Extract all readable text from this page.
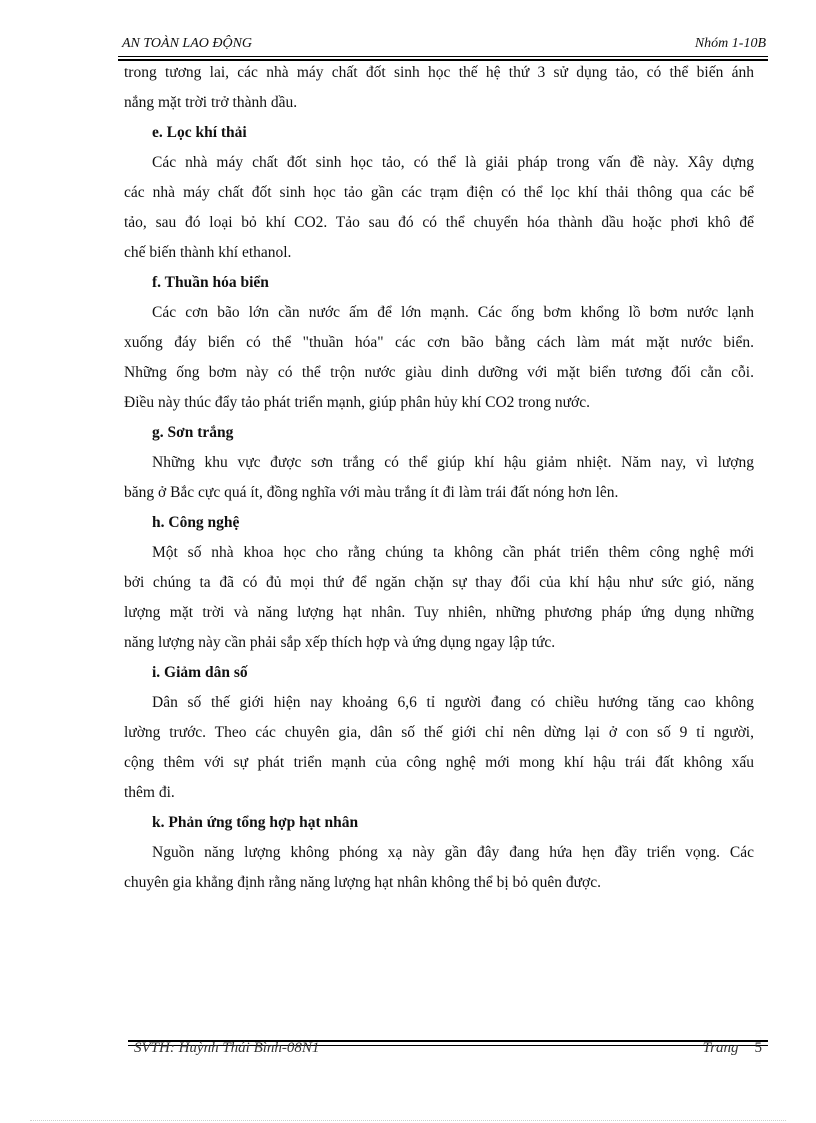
AN TOÀN LAO ĐỘNG	Nhóm 1-10B
trong tương lai, các nhà máy chất đốt sinh học thế hệ thứ 3 sử dụng tảo, có thể biến ánh
nắng mặt trời trở thành dầu.
e. Lọc khí thải
Các nhà máy chất đốt sinh học tảo, có thể là giải pháp trong vấn đề này. Xây dựng
các nhà máy chất đốt sinh học tảo gần các trạm điện có thể lọc khí thải thông qua các bể
tảo, sau đó loại bỏ khí CO2. Tảo sau đó có thể chuyển hóa thành dầu hoặc phơi khô để
chế biến thành khí ethanol.
f. Thuần hóa biển
Các cơn bão lớn cần nước ấm để lớn mạnh. Các ống bơm khổng lồ bơm nước lạnh
xuống đáy biển có thể "thuần hóa" các cơn bão bằng cách làm mát mặt nước biển.
Những ống bơm này có thể trộn nước giàu dinh dưỡng với mặt biển tương đối cằn cỗi.
Điều này thúc đẩy tảo phát triển mạnh, giúp phân hủy khí CO2 trong nước.
g. Sơn trắng
Những khu vực được sơn trắng có thể giúp khí hậu giảm nhiệt. Năm nay, vì lượng
băng ở Bắc cực quá ít, đồng nghĩa với màu trắng ít đi làm trái đất nóng hơn lên.
h. Công nghệ
Một số nhà khoa học cho rằng chúng ta không cần phát triển thêm công nghệ mới
bởi chúng ta đã có đủ mọi thứ để ngăn chặn sự thay đổi của khí hậu như sức gió, năng
lượng mặt trời và năng lượng hạt nhân. Tuy nhiên, những phương pháp ứng dụng những
năng lượng này cần phải sắp xếp thích hợp và ứng dụng ngay lập tức.
i. Giảm dân số
Dân số thế giới hiện nay khoảng 6,6 tỉ người đang có chiều hướng tăng cao không
lường trước. Theo các chuyên gia, dân số thế giới chỉ nên dừng lại ở con số 9 tỉ người,
cộng thêm với sự phát triển mạnh của công nghệ mới mong khí hậu trái đất không xấu
thêm đi.
k. Phản ứng tổng hợp hạt nhân
Nguồn năng lượng không phóng xạ này gần đây đang hứa hẹn đầy triển vọng. Các
chuyên gia khẳng định rằng năng lượng hạt nhân không thể bị bỏ quên được.
SVTH: Huỳnh Thái Bình-08N1	Trang 5
